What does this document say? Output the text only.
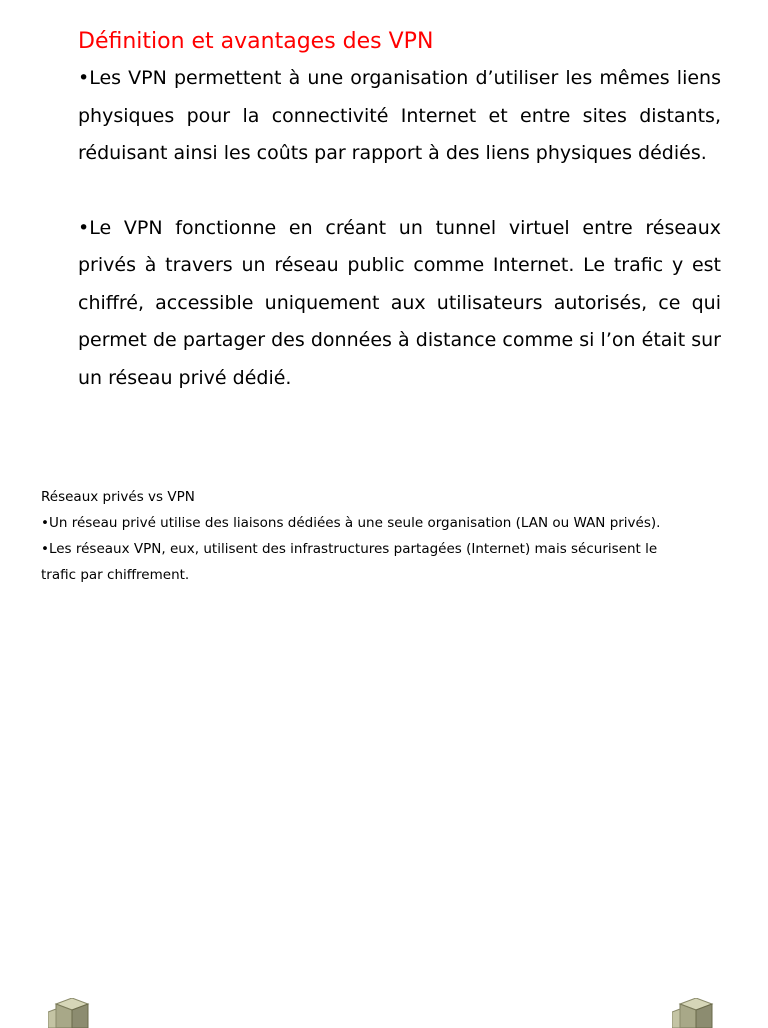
Définition et avantages des VPN

•Les VPN permettent à une organisation d’utiliser les mêmes liens physiques pour la connectivité Internet et entre sites distants, réduisant ainsi les coûts par rapport à des liens physiques dédiés.

•Le VPN fonctionne en créant un tunnel virtuel entre réseaux privés à travers un réseau public comme Internet. Le trafic y est chiffré, accessible uniquement aux utilisateurs autorisés, ce qui permet de partager des données à distance comme si l’on était sur un réseau privé dédié.

Réseaux privés vs VPN

•Un réseau privé utilise des liaisons dédiées à une seule organisation (LAN ou WAN privés).

•Les réseaux VPN, eux, utilisent des infrastructures partagées (Internet) mais sécurisent le trafic par chiffrement.
